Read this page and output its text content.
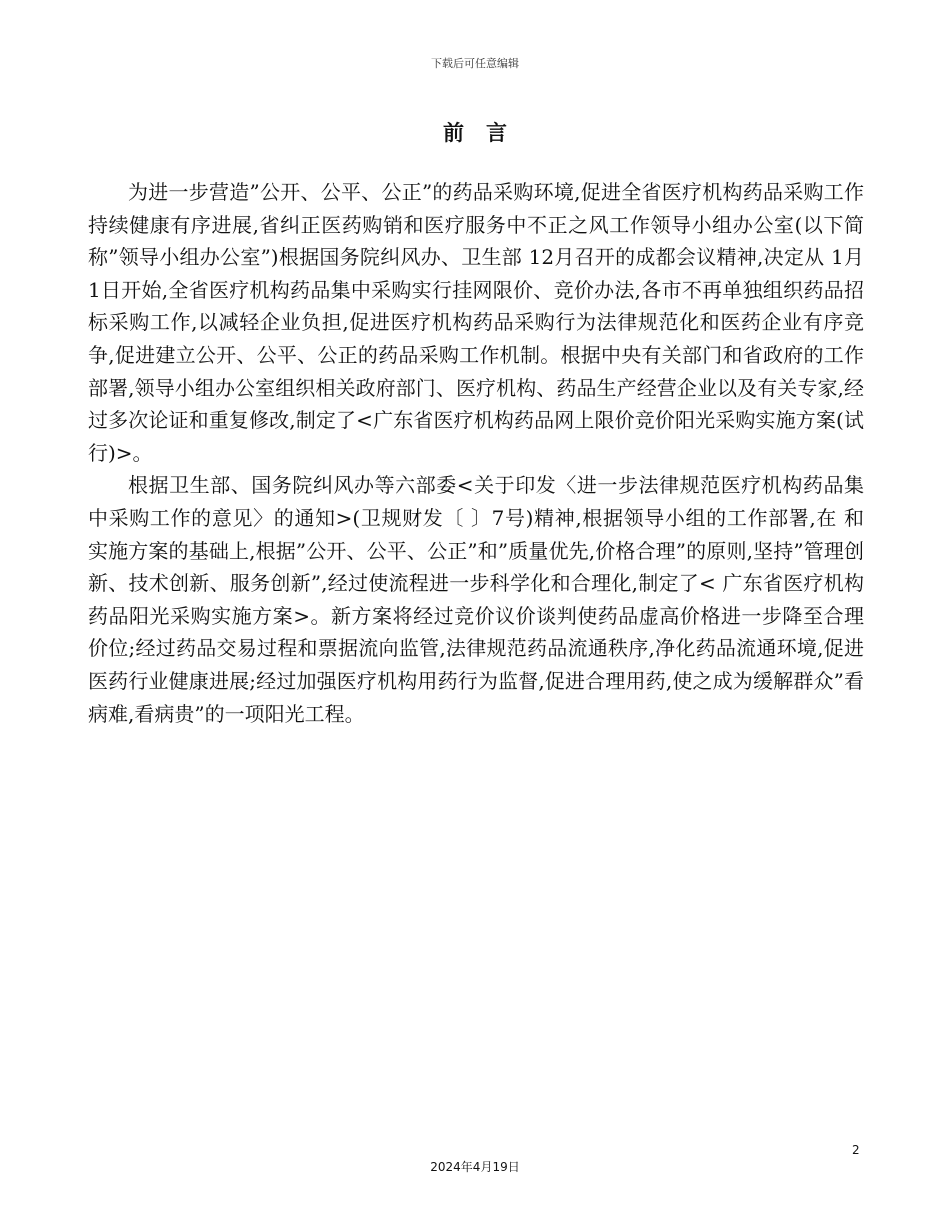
下载后可任意编辑
前言

为进一步营造”公开、公平、公正”的药品采购环境,促进全省医疗机构药品采购工作持续健康有序进展,省纠正医药购销和医疗服务中不正之风工作领导小组办公室(以下简称”领导小组办公室”)根据国务院纠风办、卫生部 12月召开的成都会议精神,决定从 1月1日开始,全省医疗机构药品集中采购实行挂网限价、竞价办法,各市不再单独组织药品招标采购工作,以减轻企业负担,促进医疗机构药品采购行为法律规范化和医药企业有序竞争,促进建立公开、公平、公正的药品采购工作机制。根据中央有关部门和省政府的工作部署,领导小组办公室组织相关政府部门、医疗机构、药品生产经营企业以及有关专家,经过多次论证和重复修改,制定了<广东省医疗机构药品网上限价竞价阳光采购实施方案(试行)>。

根据卫生部、国务院纠风办等六部委<关于印发〈进一步法律规范医疗机构药品集中采购工作的意见〉的通知>(卫规财发〔 〕7号)精神,根据领导小组的工作部署,在 和 实施方案的基础上,根据”公开、公平、公正”和”质量优先,价格合理”的原则,坚持”管理创新、技术创新、服务创新”,经过使流程进一步科学化和合理化,制定了< 广东省医疗机构药品阳光采购实施方案>。新方案将经过竞价议价谈判使药品虚高价格进一步降至合理价位;经过药品交易过程和票据流向监管,法律规范药品流通秩序,净化药品流通环境,促进医药行业健康进展;经过加强医疗机构用药行为监督,促进合理用药,使之成为缓解群众”看病难,看病贵”的一项阳光工程。

2
2024年4月19日
